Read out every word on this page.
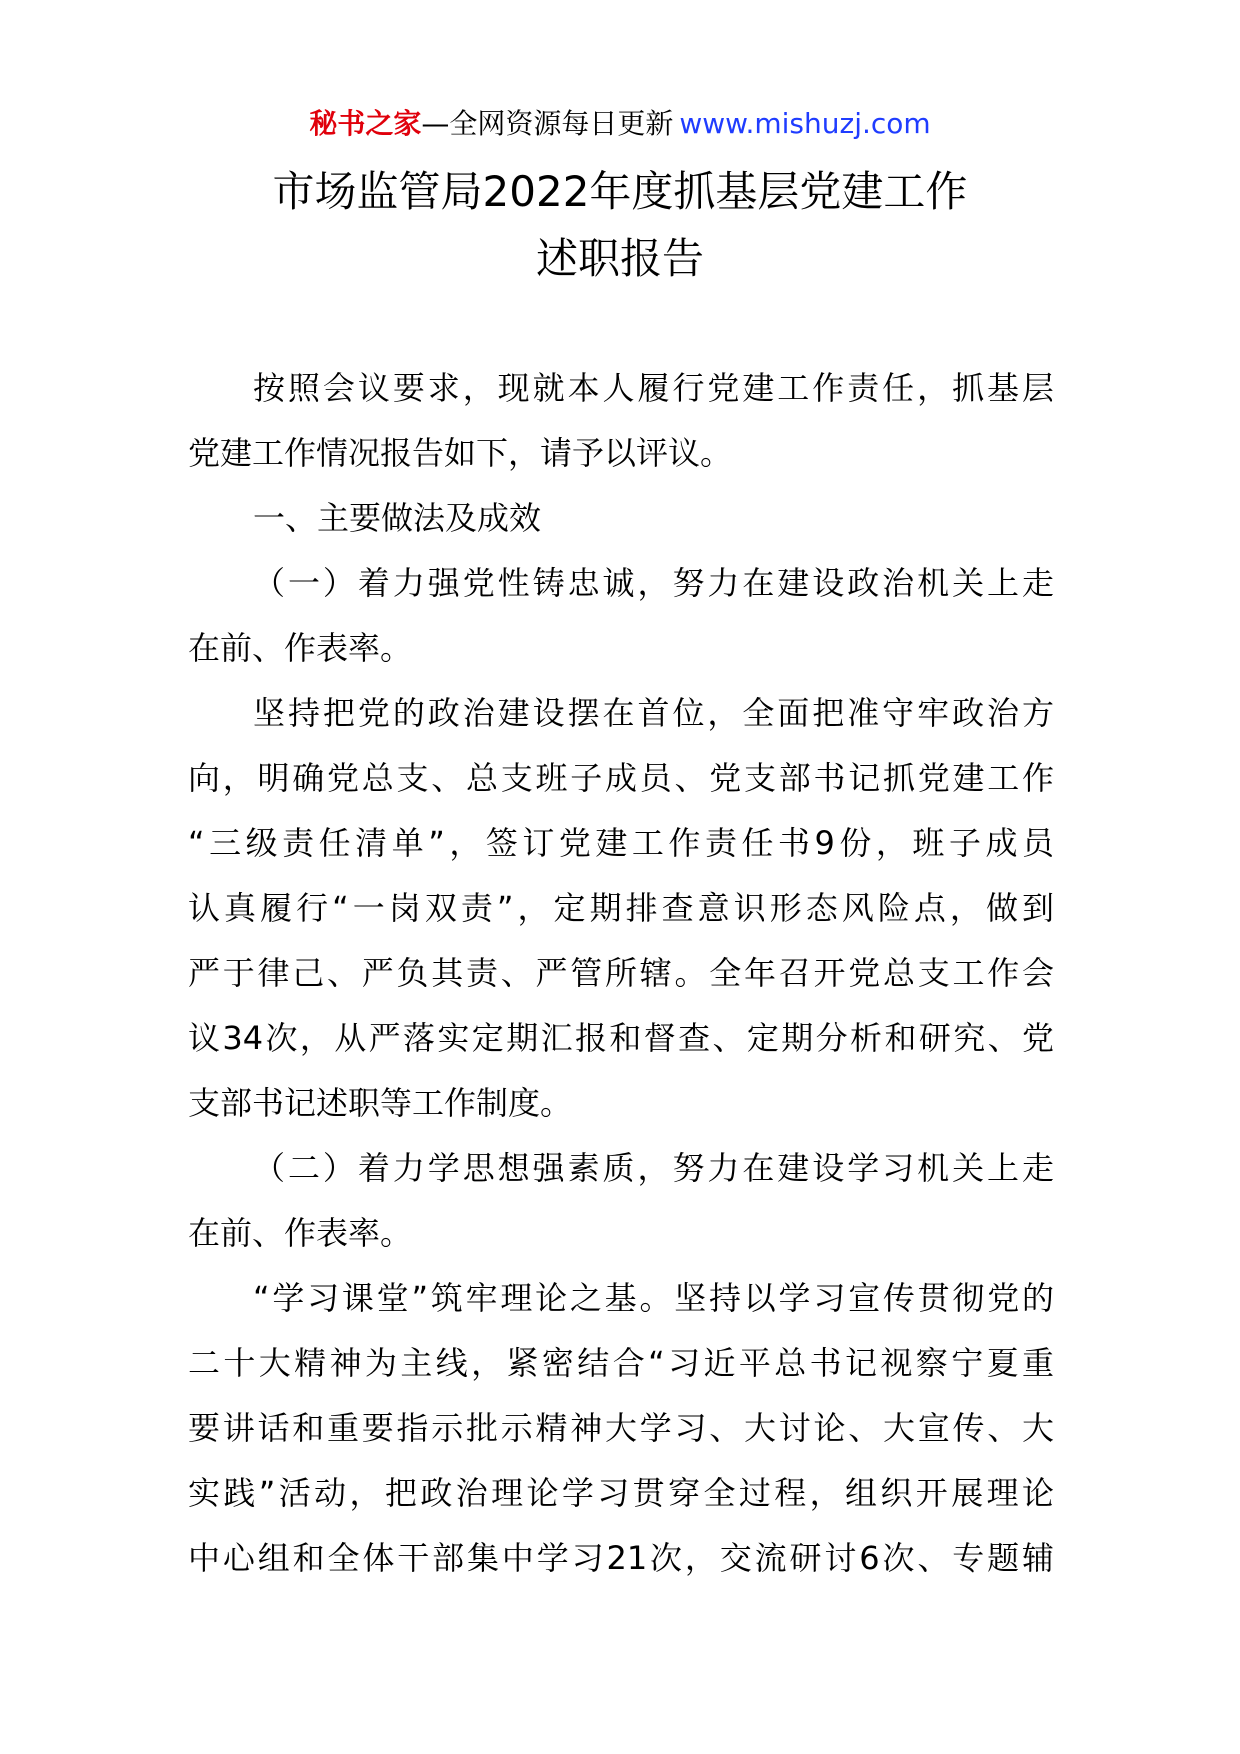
秘书之家—全网资源每日更新 www.mishuzj.com
市场监管局2022年度抓基层党建工作
述职报告
按照会议要求，现就本人履行党建工作责任，抓基层
党建工作情况报告如下，请予以评议。
一、主要做法及成效
（一）着力强党性铸忠诚，努力在建设政治机关上走
在前、作表率。
坚持把党的政治建设摆在首位，全面把准守牢政治方
向，明确党总支、总支班子成员、党支部书记抓党建工作
“三级责任清单”，签订党建工作责任书9份，班子成员
认真履行“一岗双责”，定期排查意识形态风险点，做到
严于律己、严负其责、严管所辖。全年召开党总支工作会
议34次，从严落实定期汇报和督查、定期分析和研究、党
支部书记述职等工作制度。
（二）着力学思想强素质，努力在建设学习机关上走
在前、作表率。
“学习课堂”筑牢理论之基。坚持以学习宣传贯彻党的
二十大精神为主线，紧密结合“习近平总书记视察宁夏重
要讲话和重要指示批示精神大学习、大讨论、大宣传、大
实践”活动，把政治理论学习贯穿全过程，组织开展理论
中心组和全体干部集中学习21次，交流研讨6次、专题辅
